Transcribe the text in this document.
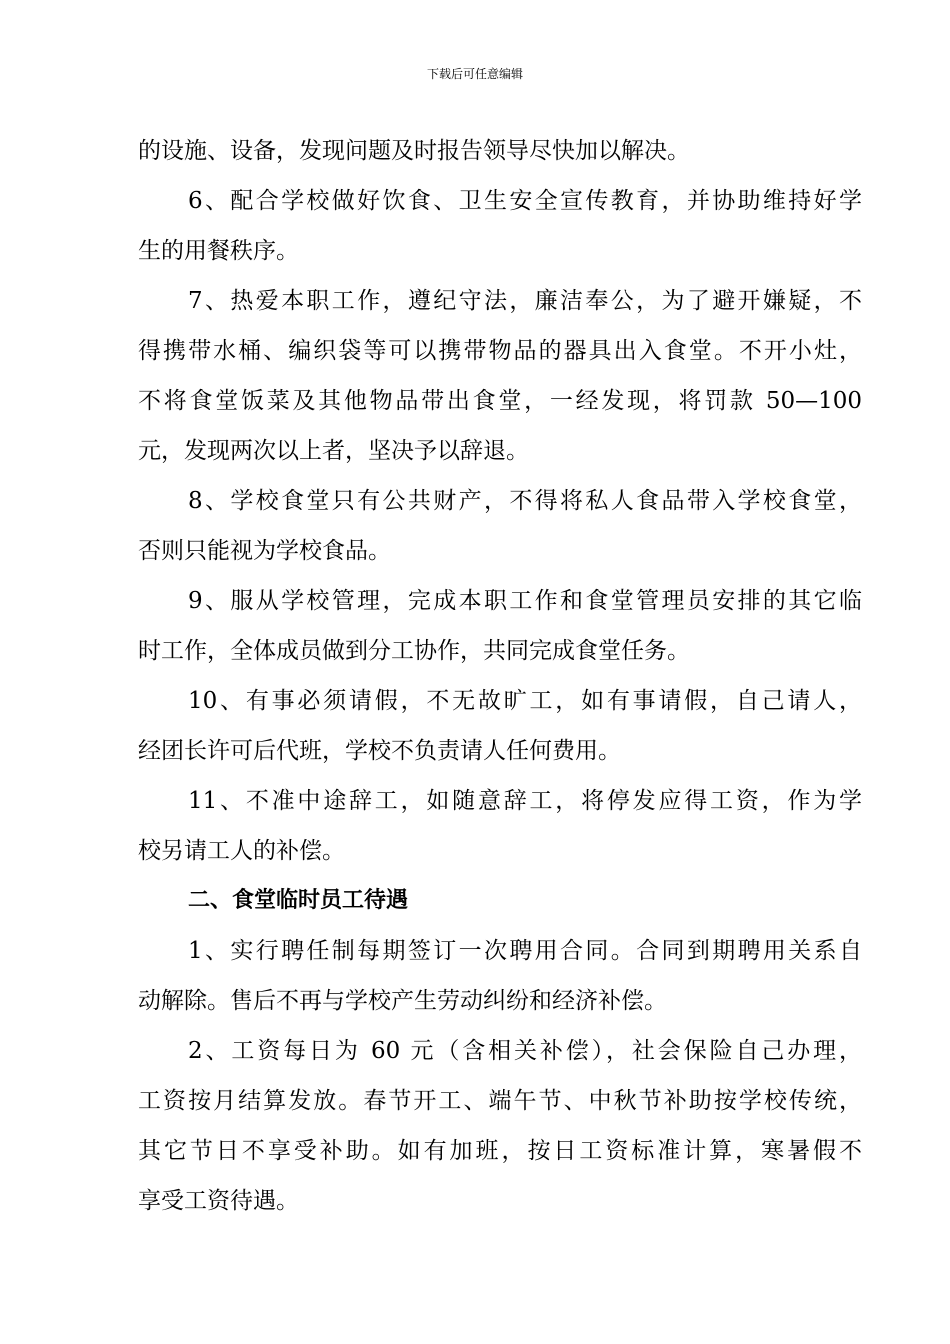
下载后可任意编辑
的设施、设备，发现问题及时报告领导尽快加以解决。
6、配合学校做好饮食、卫生安全宣传教育，并协助维持好学
生的用餐秩序。
7、热爱本职工作，遵纪守法，廉洁奉公，为了避开嫌疑，不
得携带水桶、编织袋等可以携带物品的器具出入食堂。不开小灶，
不将食堂饭菜及其他物品带出食堂，一经发现，将罚款 50—100
元，发现两次以上者，坚决予以辞退。
8、学校食堂只有公共财产，不得将私人食品带入学校食堂，
否则只能视为学校食品。
9、服从学校管理，完成本职工作和食堂管理员安排的其它临
时工作，全体成员做到分工协作，共同完成食堂任务。
10、有事必须请假，不无故旷工，如有事请假，自己请人，
经团长许可后代班，学校不负责请人任何费用。
11、不准中途辞工，如随意辞工，将停发应得工资，作为学
校另请工人的补偿。
二、食堂临时员工待遇
1、实行聘任制每期签订一次聘用合同。合同到期聘用关系自
动解除。售后不再与学校产生劳动纠纷和经济补偿。
2、工资每日为 60 元（含相关补偿），社会保险自己办理，
工资按月结算发放。春节开工、端午节、中秋节补助按学校传统，
其它节日不享受补助。如有加班，按日工资标准计算，寒暑假不
享受工资待遇。
